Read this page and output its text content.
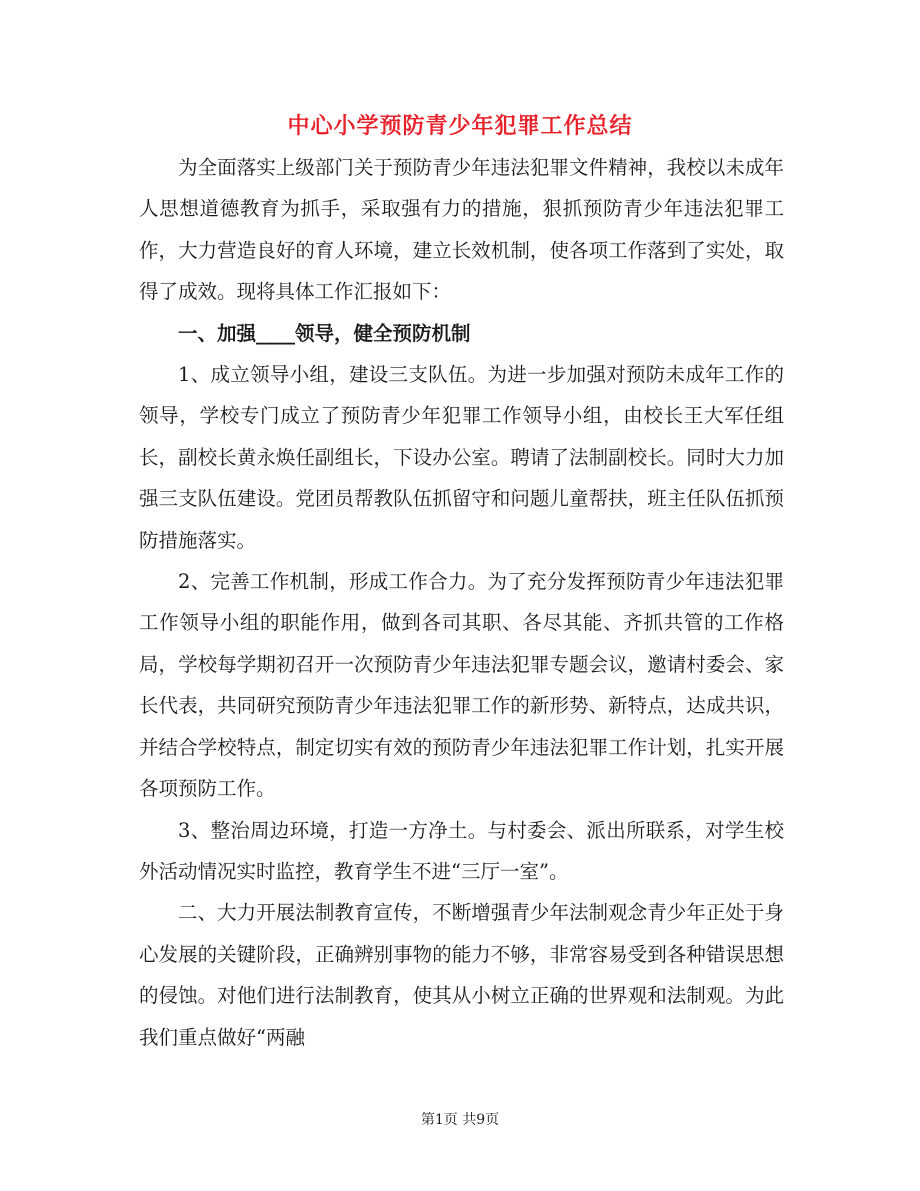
中心小学预防青少年犯罪工作总结

为全面落实上级部门关于预防青少年违法犯罪文件精神，我校以未成年人思想道德教育为抓手，采取强有力的措施，狠抓预防青少年违法犯罪工作，大力营造良好的育人环境，建立长效机制，使各项工作落到了实处，取得了成效。现将具体工作汇报如下：

一、加强____领导，健全预防机制

1、成立领导小组，建设三支队伍。为进一步加强对预防未成年工作的领导，学校专门成立了预防青少年犯罪工作领导小组，由校长王大军任组长，副校长黄永焕任副组长，下设办公室。聘请了法制副校长。同时大力加强三支队伍建设。党团员帮教队伍抓留守和问题儿童帮扶，班主任队伍抓预防措施落实。

2、完善工作机制，形成工作合力。为了充分发挥预防青少年违法犯罪工作领导小组的职能作用，做到各司其职、各尽其能、齐抓共管的工作格局，学校每学期初召开一次预防青少年违法犯罪专题会议，邀请村委会、家长代表，共同研究预防青少年违法犯罪工作的新形势、新特点，达成共识，并结合学校特点，制定切实有效的预防青少年违法犯罪工作计划，扎实开展各项预防工作。

3、整治周边环境，打造一方净土。与村委会、派出所联系，对学生校外活动情况实时监控，教育学生不进“三厅一室”。

二、大力开展法制教育宣传，不断增强青少年法制观念青少年正处于身心发展的关键阶段，正确辨别事物的能力不够，非常容易受到各种错误思想的侵蚀。对他们进行法制教育，使其从小树立正确的世界观和法制观。为此我们重点做好“两融

第1页 共9页
